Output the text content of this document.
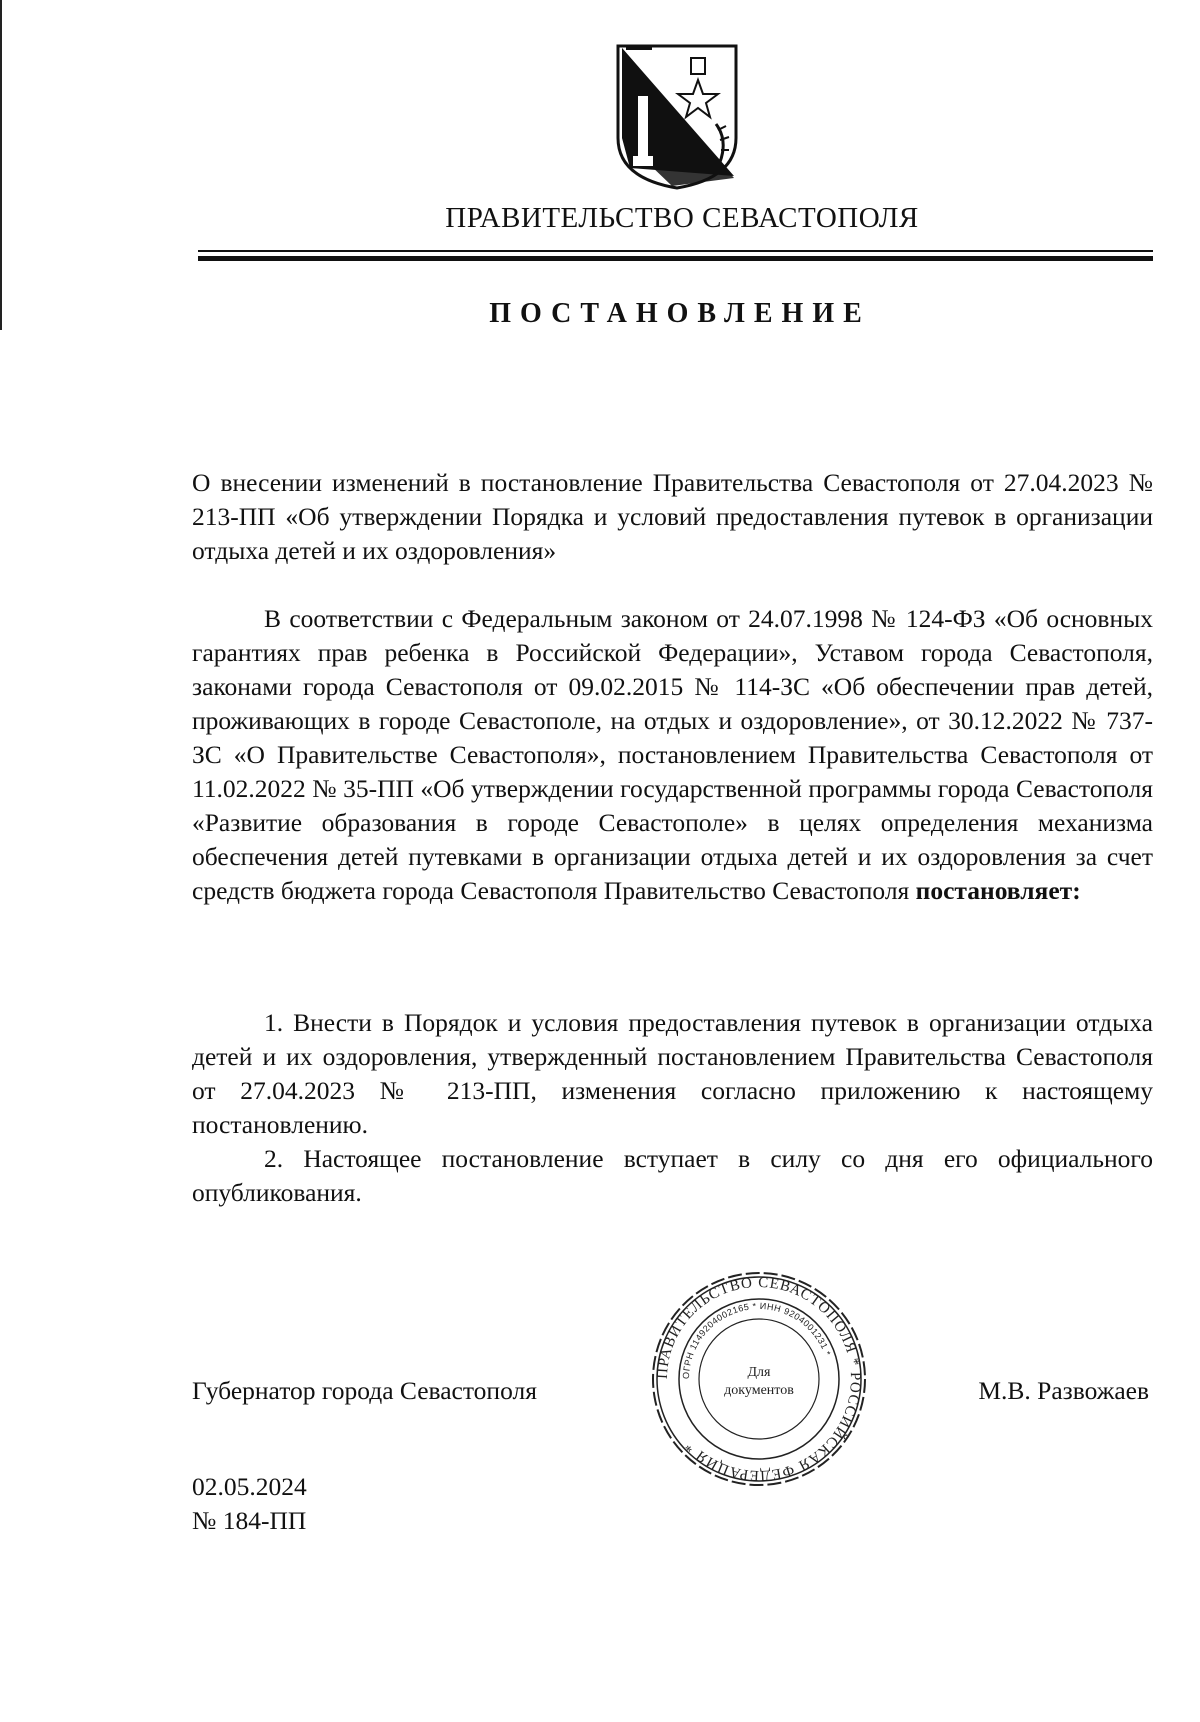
ПРАВИТЕЛЬСТВО СЕВАСТОПОЛЯ
ПОСТАНОВЛЕНИЕ
О внесении изменений в постановление Правительства Севастополя от 27.04.2023 № 213-ПП «Об утверждении Порядка и условий предоставления путевок в организации отдыха детей и их оздоровления»
В соответствии с Федеральным законом от 24.07.1998 № 124-ФЗ «Об основных гарантиях прав ребенка в Российской Федерации», Уставом города Севастополя, законами города Севастополя от 09.02.2015 № 114-ЗС «Об обеспечении прав детей, проживающих в городе Севастополе, на отдых и оздоровление», от 30.12.2022 № 737-ЗС «О Правительстве Севастополя», постановлением Правительства Севастополя от 11.02.2022 № 35-ПП «Об утверждении государственной программы города Севастополя «Развитие образования в городе Севастополе» в целях определения механизма обеспечения детей путевками в организации отдыха детей и их оздоровления за счет средств бюджета города Севастополя Правительство Севастополя постановляет:

1. Внести в Порядок и условия предоставления путевок в организации отдыха детей и их оздоровления, утвержденный постановлением Правительства Севастополя от 27.04.2023 № 213-ПП, изменения согласно приложению к настоящему постановлению.

2. Настоящее постановление вступает в силу со дня его официального опубликования.

Губернатор города Севастополя	М.В. Развожаев
ПРАВИТЕЛЬСТВО СЕВАСТОПОЛЯ * РОССИЙСКАЯ ФЕДЕРАЦИЯ *
ОГРН 1149204002165 * ИНН 9204001231 *
Для
документов
02.05.2024
№ 184-ПП
